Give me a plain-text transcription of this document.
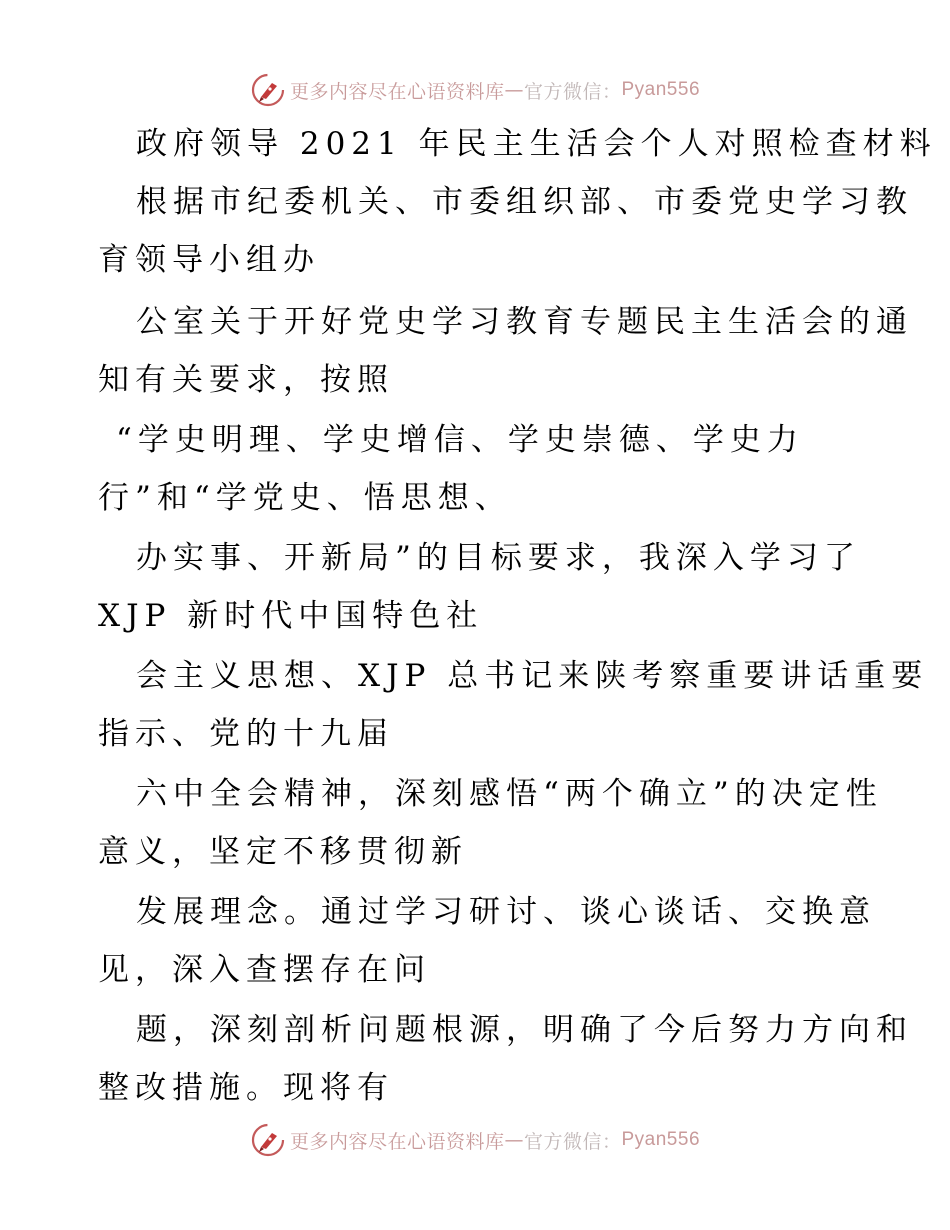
更多内容尽在心语资料库 — 官方微信： Pyan556
政府领导 2021 年民主生活会个人对照检查材料
根据市纪委机关、市委组织部、市委党史学习教
育领导小组办
公室关于开好党史学习教育专题民主生活会的通
知有关要求，按照
“学史明理、学史增信、学史崇德、学史力
行”和“学党史、悟思想、
办实事、开新局”的目标要求，我深入学习了
XJP 新时代中国特色社
会主义思想、XJP 总书记来陕考察重要讲话重要
指示、党的十九届
六中全会精神，深刻感悟“两个确立”的决定性
意义，坚定不移贯彻新
发展理念。通过学习研讨、谈心谈话、交换意
见，深入查摆存在问
题，深刻剖析问题根源，明确了今后努力方向和
整改措施。现将有
更多内容尽在心语资料库 — 官方微信： Pyan556
